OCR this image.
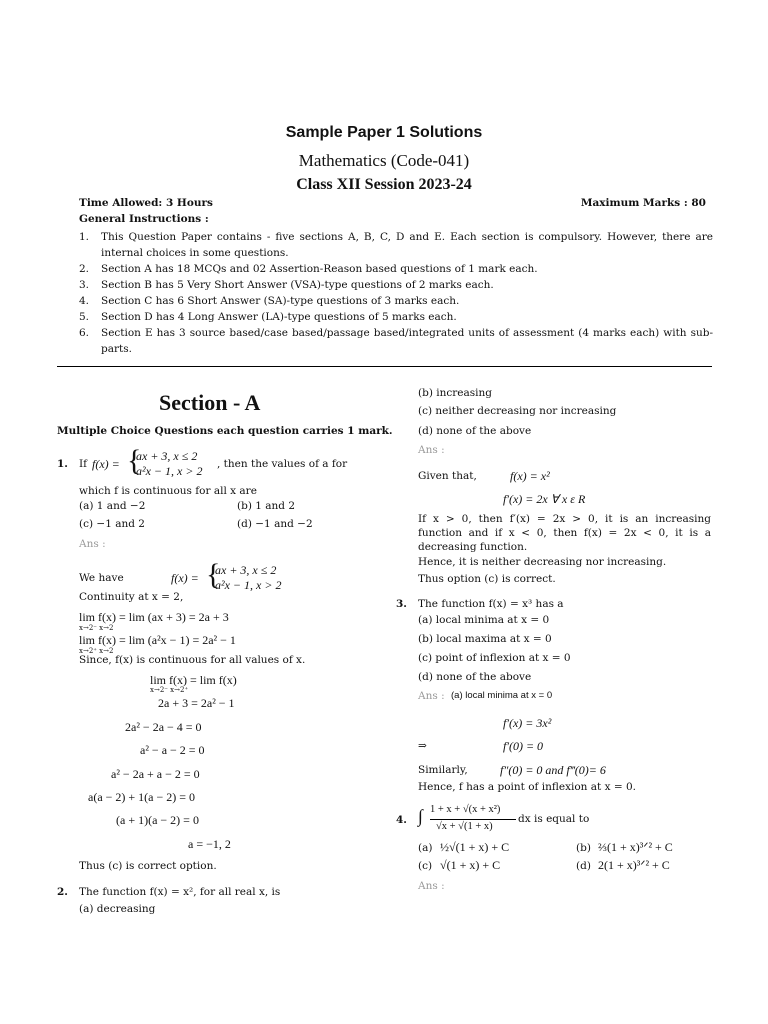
Sample Paper 1 Solutions
Mathematics (Code-041)
Class XII Session 2023-24
Time Allowed: 3 Hours	Maximum Marks : 80
General Instructions :
1.	This Question Paper contains - five sections A, B, C, D and E. Each section is compulsory. However, there are internal choices in some questions.
2.	Section A has 18 MCQs and 02 Assertion-Reason based questions of 1 mark each.
3.	Section B has 5 Very Short Answer (VSA)-type questions of 2 marks each.
4.	Section C has 6 Short Answer (SA)-type questions of 3 marks each.
5.	Section D has 4 Long Answer (LA)-type questions of 5 marks each.
6.	Section E has 3 source based/case based/passage based/integrated units of assessment (4 marks each) with sub-parts.
Section - A
Multiple Choice Questions each question carries 1 mark.
1. If f(x) = {
ax + 3, x ≤ 2
a²x − 1, x > 2 , then the values of a for
which f is continuous for all x are
(a) 1 and −2	(b) 1 and 2
(c) −1 and 2	(d) −1 and −2
Ans :
We have	f(x) = {
ax + 3, x ≤ 2
a²x − 1, x > 2
Continuity at x = 2,
lim f(x) = lim (ax + 3) = 2a + 3
x→2⁻ x→2
lim f(x) = lim (a²x − 1) = 2a² − 1
x→2⁺ x→2
Since, f(x) is continuous for all values of x.
lim f(x) = lim f(x)
x→2⁻ x→2⁺
2a + 3 = 2a² − 1
2a² − 2a − 4 = 0
a² − a − 2 = 0
a² − 2a + a − 2 = 0
a(a − 2) + 1(a − 2) = 0
(a + 1)(a − 2) = 0
a = −1, 2
Thus (c) is correct option.
2. The function f(x) = x², for all real x, is
(a) decreasing
(b) increasing
(c) neither decreasing nor increasing
(d) none of the above
Ans :
Given that,	f(x) = x²
f′(x) = 2x ∀ x ε R
If x > 0, then f′(x) = 2x > 0, it is an increasing function and if x < 0, then f(x) = 2x < 0, it is a decreasing function.
Hence, it is neither decreasing nor increasing.
Thus option (c) is correct.
3. The function f(x) = x³ has a
(a) local minima at x = 0
(b) local maxima at x = 0
(c) point of inflexion at x = 0
(d) none of the above
Ans : (a) local minima at x = 0
f′(x) = 3x²
⇒	f′(0) = 0
Similarly,	f″(0) = 0 and f‴(0)= 6
Hence, f has a point of inflexion at x = 0.
4. ∫ 1 + x + √(x + x²)
√x + √(1 + x)
dx is equal to
(a) ½√(1 + x) + C	(b) ⅔(1 + x)³ᐟ² + C
(c) √(1 + x) + C	(d) 2(1 + x)³ᐟ² + C
Ans :
